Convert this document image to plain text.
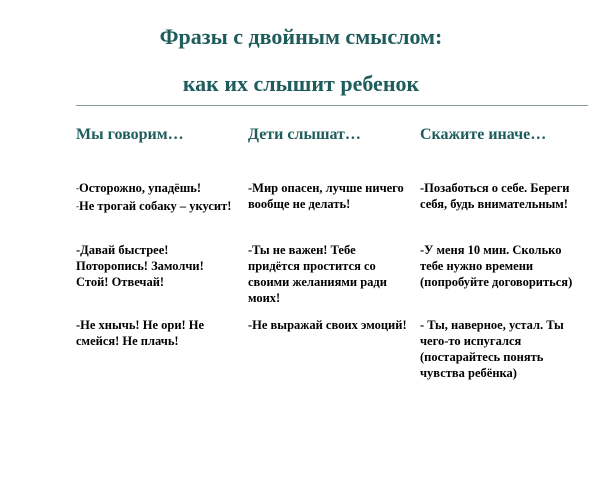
Фразы с двойным смыслом:
как их слышит ребенок
Мы говорим…	Дети слышат…	Скажите иначе…

-Осторожно, упадёшь!

-Не трогай собаку – укусит!

-Мир опасен, лучше ничего вообще не делать!
-Позаботься о себе. Береги себя, будь внимательным!
-Давай быстрее! Поторопись! Замолчи! Стой! Отвечай!
-Ты не важен! Тебе придётся простится со своими желаниями ради моих!
-У меня 10 мин. Сколько тебе нужно времени (попробуйте договориться)
-Не хнычь! Не ори! Не смейся! Не плачь!
-Не выражай своих эмоций! - Ты, наверное, устал. Ты чего-то испугался (постарайтесь понять чувства ребёнка)
